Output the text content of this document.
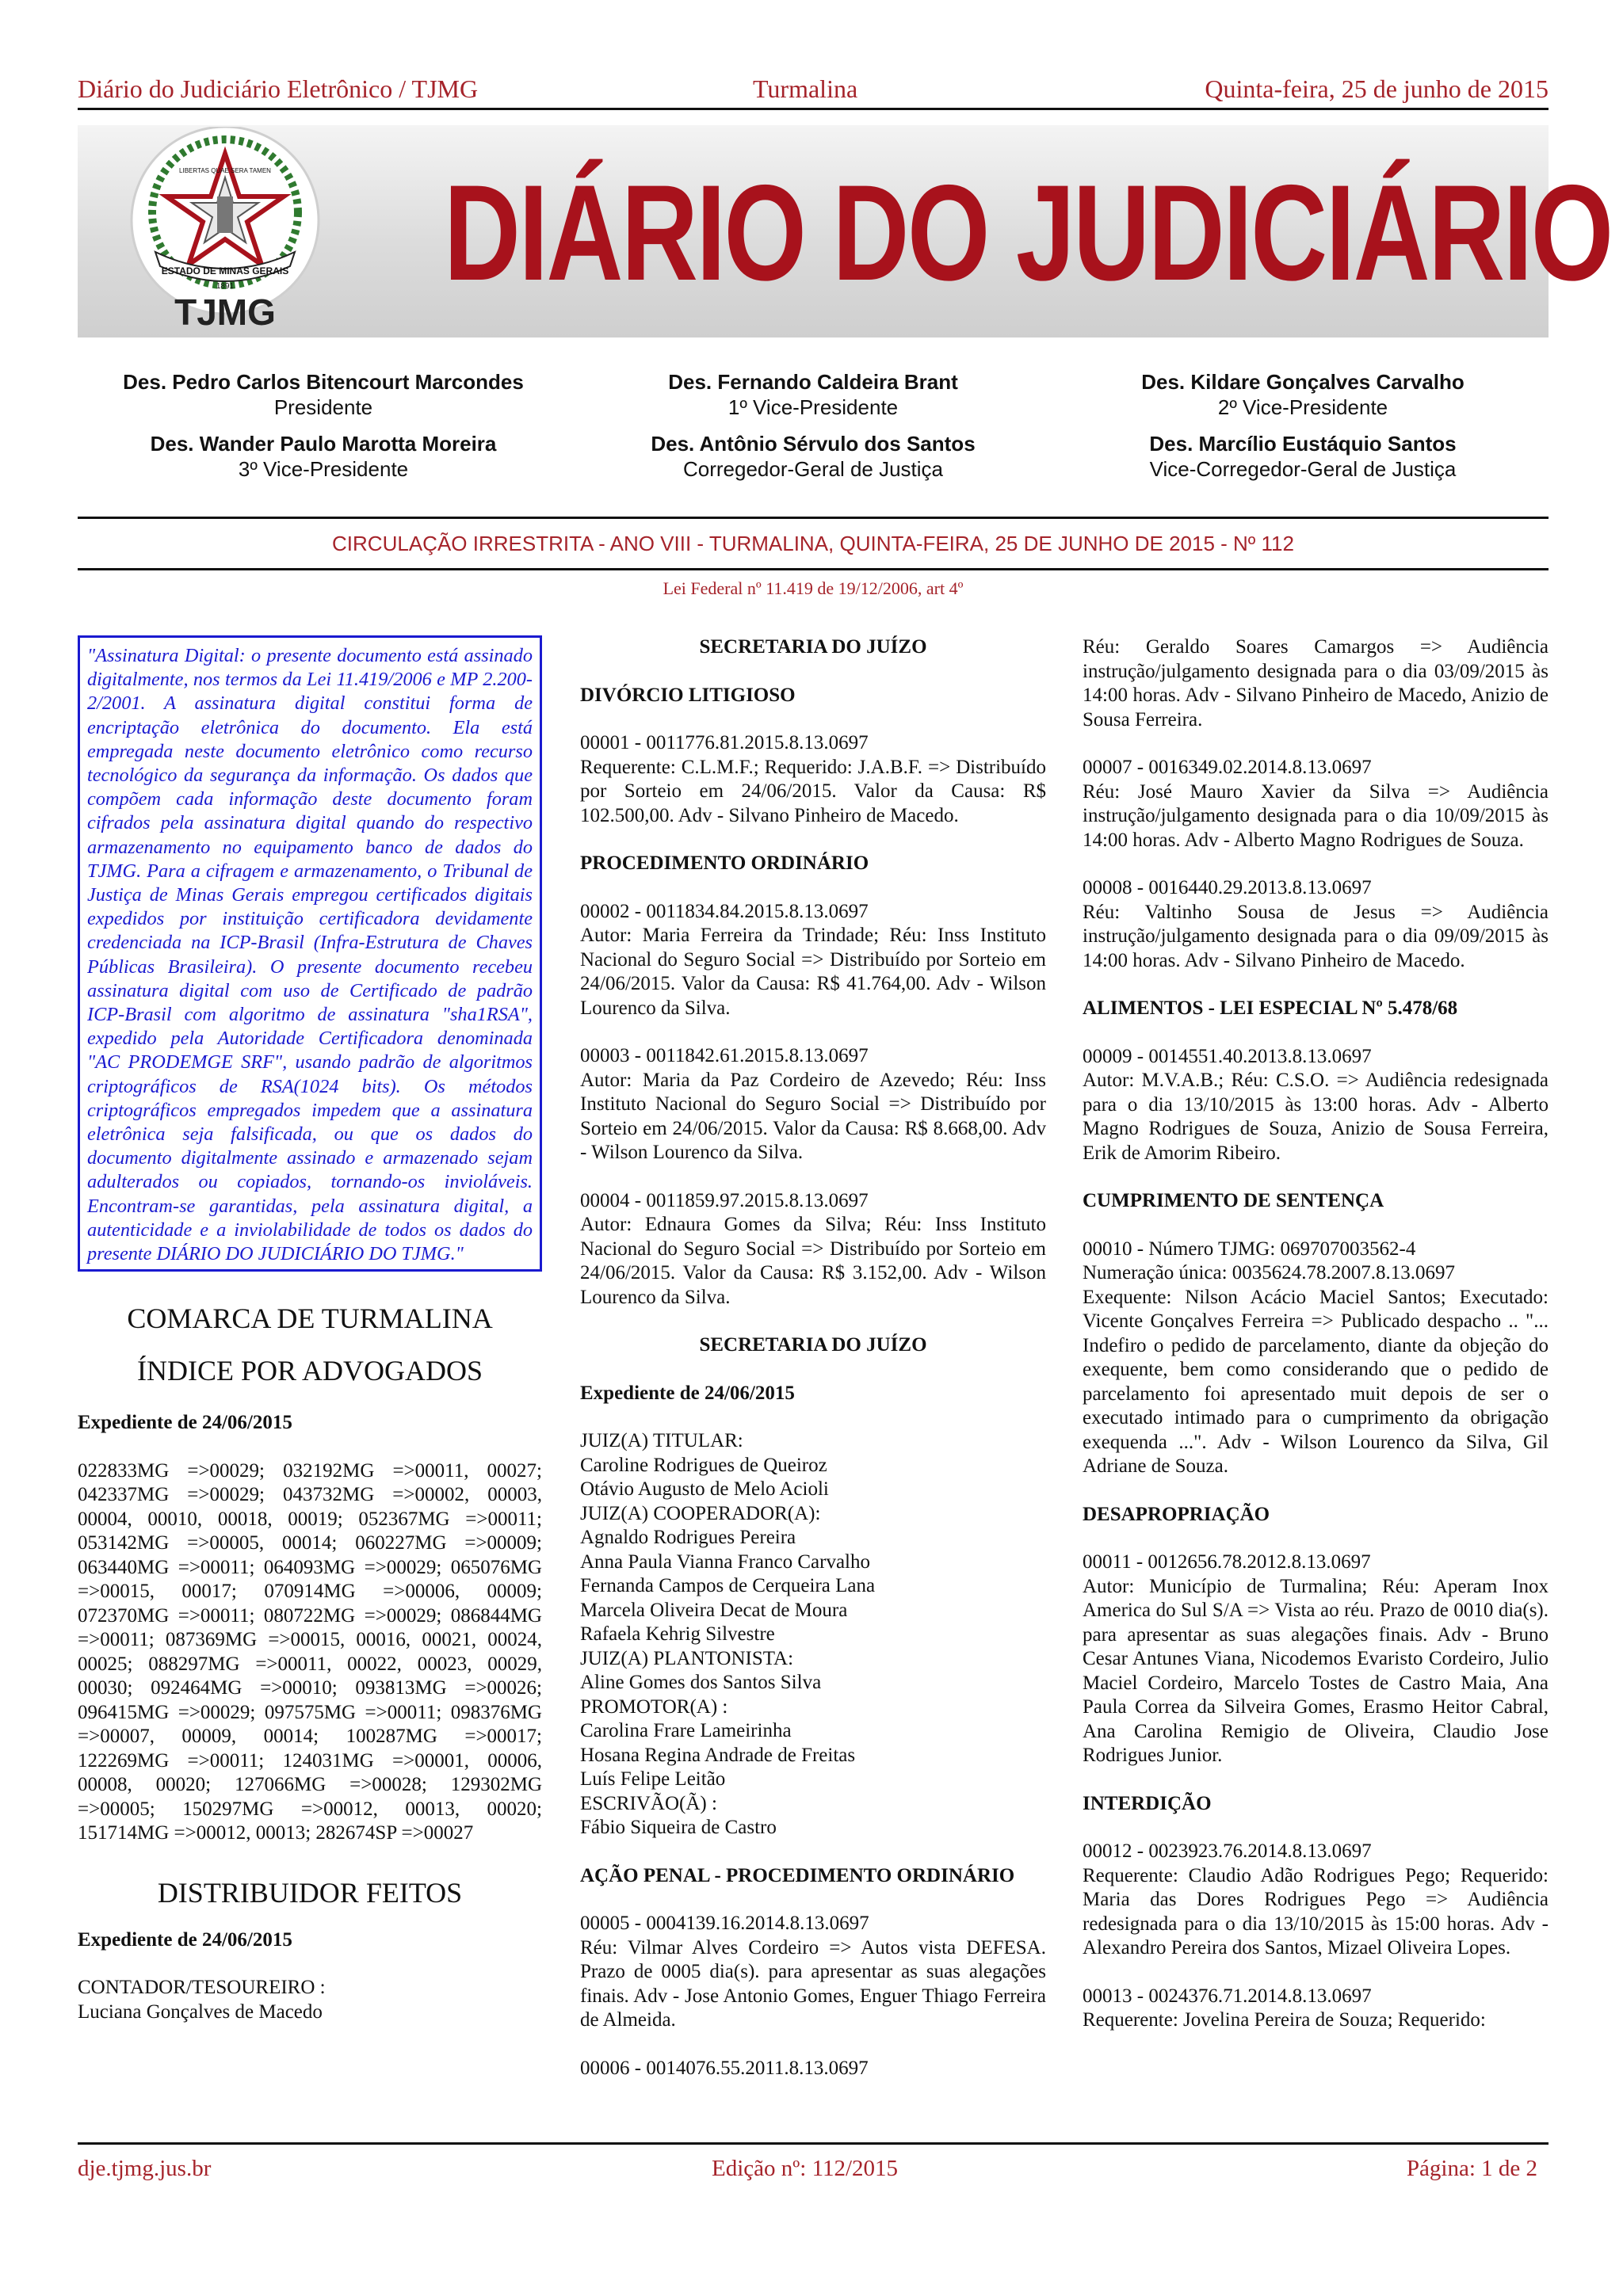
Diário do Judiciário Eletrônico / TJMG	Turmalina	Quinta-feira, 25 de junho de 2015
ESTADO DE MINAS GERAIS
LIBERTAS QUAE SERA TAMEN
1891
TJMG
DIÁRIO DO JUDICIÁRIO
Des. Pedro Carlos Bitencourt Marcondes
Presidente
Des. Fernando Caldeira Brant
1º Vice-Presidente
Des. Kildare Gonçalves Carvalho
2º Vice-Presidente
Des. Wander Paulo Marotta Moreira
3º Vice-Presidente
Des. Antônio Sérvulo dos Santos
Corregedor-Geral de Justiça
Des. Marcílio Eustáquio Santos
Vice-Corregedor-Geral de Justiça
CIRCULAÇÃO IRRESTRITA - ANO VIII - TURMALINA, QUINTA-FEIRA, 25 DE JUNHO DE 2015 - Nº 112
Lei Federal nº 11.419 de 19/12/2006, art 4º
"Assinatura Digital: o presente documento está assinado digitalmente, nos termos da Lei 11.419/2006 e MP 2.200-2/2001. A assinatura digital constitui forma de encriptação eletrônica do documento. Ela está empregada neste documento eletrônico como recurso tecnológico da segurança da informação. Os dados que compõem cada informação deste documento foram cifrados pela assinatura digital quando do respectivo armazenamento no equipamento banco de dados do TJMG. Para a cifragem e armazenamento, o Tribunal de Justiça de Minas Gerais empregou certificados digitais expedidos por instituição certificadora devidamente credenciada na ICP-Brasil (Infra-Estrutura de Chaves Públicas Brasileira). O presente documento recebeu assinatura digital com uso de Certificado de padrão ICP-Brasil com algoritmo de assinatura "sha1RSA", expedido pela Autoridade Certificadora denominada "AC PRODEMGE SRF", usando padrão de algoritmos criptográficos de RSA(1024 bits). Os métodos criptográficos empregados impedem que a assinatura eletrônica seja falsificada, ou que os dados do documento digitalmente assinado e armazenado sejam adulterados ou copiados, tornando-os invioláveis. Encontram-se garantidas, pela assinatura digital, a autenticidade e a inviolabilidade de todos os dados do presente DIÁRIO DO JUDICIÁRIO DO TJMG."
COMARCA DE TURMALINA
ÍNDICE POR ADVOGADOS
Expediente de 24/06/2015

022833MG =>00029; 032192MG =>00011, 00027; 042337MG =>00029; 043732MG =>00002, 00003, 00004, 00010, 00018, 00019; 052367MG =>00011; 053142MG =>00005, 00014; 060227MG =>00009; 063440MG =>00011; 064093MG =>00029; 065076MG =>00015, 00017; 070914MG =>00006, 00009; 072370MG =>00011; 080722MG =>00029; 086844MG =>00011; 087369MG =>00015, 00016, 00021, 00024, 00025; 088297MG =>00011, 00022, 00023, 00029, 00030; 092464MG =>00010; 093813MG =>00026; 096415MG =>00029; 097575MG =>00011; 098376MG =>00007, 00009, 00014; 100287MG =>00017; 122269MG =>00011; 124031MG =>00001, 00006, 00008, 00020; 127066MG =>00028; 129302MG =>00005; 150297MG =>00012, 00013, 00020; 151714MG =>00012, 00013; 282674SP =>00027

DISTRIBUIDOR FEITOS
Expediente de 24/06/2015
CONTADOR/TESOUREIRO :
Luciana Gonçalves de Macedo
SECRETARIA DO JUÍZO
DIVÓRCIO LITIGIOSO
00001 - 0011776.81.2015.8.13.0697

Requerente: C.L.M.F.; Requerido: J.A.B.F. => Distribuído por Sorteio em 24/06/2015. Valor da Causa: R$ 102.500,00. Adv - Silvano Pinheiro de Macedo.

PROCEDIMENTO ORDINÁRIO
00002 - 0011834.84.2015.8.13.0697

Autor: Maria Ferreira da Trindade; Réu: Inss Instituto Nacional do Seguro Social => Distribuído por Sorteio em 24/06/2015. Valor da Causa: R$ 41.764,00. Adv - Wilson Lourenco da Silva.

00003 - 0011842.61.2015.8.13.0697

Autor: Maria da Paz Cordeiro de Azevedo; Réu: Inss Instituto Nacional do Seguro Social => Distribuído por Sorteio em 24/06/2015. Valor da Causa: R$ 8.668,00. Adv - Wilson Lourenco da Silva.

00004 - 0011859.97.2015.8.13.0697

Autor: Ednaura Gomes da Silva; Réu: Inss Instituto Nacional do Seguro Social => Distribuído por Sorteio em 24/06/2015. Valor da Causa: R$ 3.152,00. Adv - Wilson Lourenco da Silva.

SECRETARIA DO JUÍZO
Expediente de 24/06/2015
JUIZ(A) TITULAR:
Caroline Rodrigues de Queiroz
Otávio Augusto de Melo Acioli
JUIZ(A) COOPERADOR(A):
Agnaldo Rodrigues Pereira
Anna Paula Vianna Franco Carvalho
Fernanda Campos de Cerqueira Lana
Marcela Oliveira Decat de Moura
Rafaela Kehrig Silvestre
JUIZ(A) PLANTONISTA:
Aline Gomes dos Santos Silva
PROMOTOR(A) :
Carolina Frare Lameirinha
Hosana Regina Andrade de Freitas
Luís Felipe Leitão
ESCRIVÃO(Ã) :
Fábio Siqueira de Castro
AÇÃO PENAL - PROCEDIMENTO ORDINÁRIO
00005 - 0004139.16.2014.8.13.0697

Réu: Vilmar Alves Cordeiro => Autos vista DEFESA. Prazo de 0005 dia(s). para apresentar as suas alegações finais. Adv - Jose Antonio Gomes, Enguer Thiago Ferreira de Almeida.

00006 - 0014076.55.2011.8.13.0697

Réu: Geraldo Soares Camargos => Audiência instrução/julgamento designada para o dia 03/09/2015 às 14:00 horas. Adv - Silvano Pinheiro de Macedo, Anizio de Sousa Ferreira.

00007 - 0016349.02.2014.8.13.0697

Réu: José Mauro Xavier da Silva => Audiência instrução/julgamento designada para o dia 10/09/2015 às 14:00 horas. Adv - Alberto Magno Rodrigues de Souza.

00008 - 0016440.29.2013.8.13.0697

Réu: Valtinho Sousa de Jesus => Audiência instrução/julgamento designada para o dia 09/09/2015 às 14:00 horas. Adv - Silvano Pinheiro de Macedo.

ALIMENTOS - LEI ESPECIAL Nº 5.478/68
00009 - 0014551.40.2013.8.13.0697

Autor: M.V.A.B.; Réu: C.S.O. => Audiência redesignada para o dia 13/10/2015 às 13:00 horas. Adv - Alberto Magno Rodrigues de Souza, Anizio de Sousa Ferreira, Erik de Amorim Ribeiro.

CUMPRIMENTO DE SENTENÇA
00010 - Número TJMG: 069707003562-4
Numeração única: 0035624.78.2007.8.13.0697

Exequente: Nilson Acácio Maciel Santos; Executado: Vicente Gonçalves Ferreira => Publicado despacho .. "... Indefiro o pedido de parcelamento, diante da objeção do exequente, bem como considerando que o pedido de parcelamento foi apresentado muit depois de ser o executado intimado para o cumprimento da obrigação exequenda ...". Adv - Wilson Lourenco da Silva, Gil Adriane de Souza.

DESAPROPRIAÇÃO
00011 - 0012656.78.2012.8.13.0697

Autor: Município de Turmalina; Réu: Aperam Inox America do Sul S/A => Vista ao réu. Prazo de 0010 dia(s). para apresentar as suas alegações finais. Adv - Bruno Cesar Antunes Viana, Nicodemos Evaristo Cordeiro, Julio Maciel Cordeiro, Marcelo Tostes de Castro Maia, Ana Paula Correa da Silveira Gomes, Erasmo Heitor Cabral, Ana Carolina Remigio de Oliveira, Claudio Jose Rodrigues Junior.

INTERDIÇÃO
00012 - 0023923.76.2014.8.13.0697

Requerente: Claudio Adão Rodrigues Pego; Requerido: Maria das Dores Rodrigues Pego => Audiência redesignada para o dia 13/10/2015 às 15:00 horas. Adv - Alexandro Pereira dos Santos, Mizael Oliveira Lopes.

00013 - 0024376.71.2014.8.13.0697
Requerente: Jovelina Pereira de Souza; Requerido:
dje.tjmg.jus.br	Edição nº: 112/2015	Página: 1 de 2
